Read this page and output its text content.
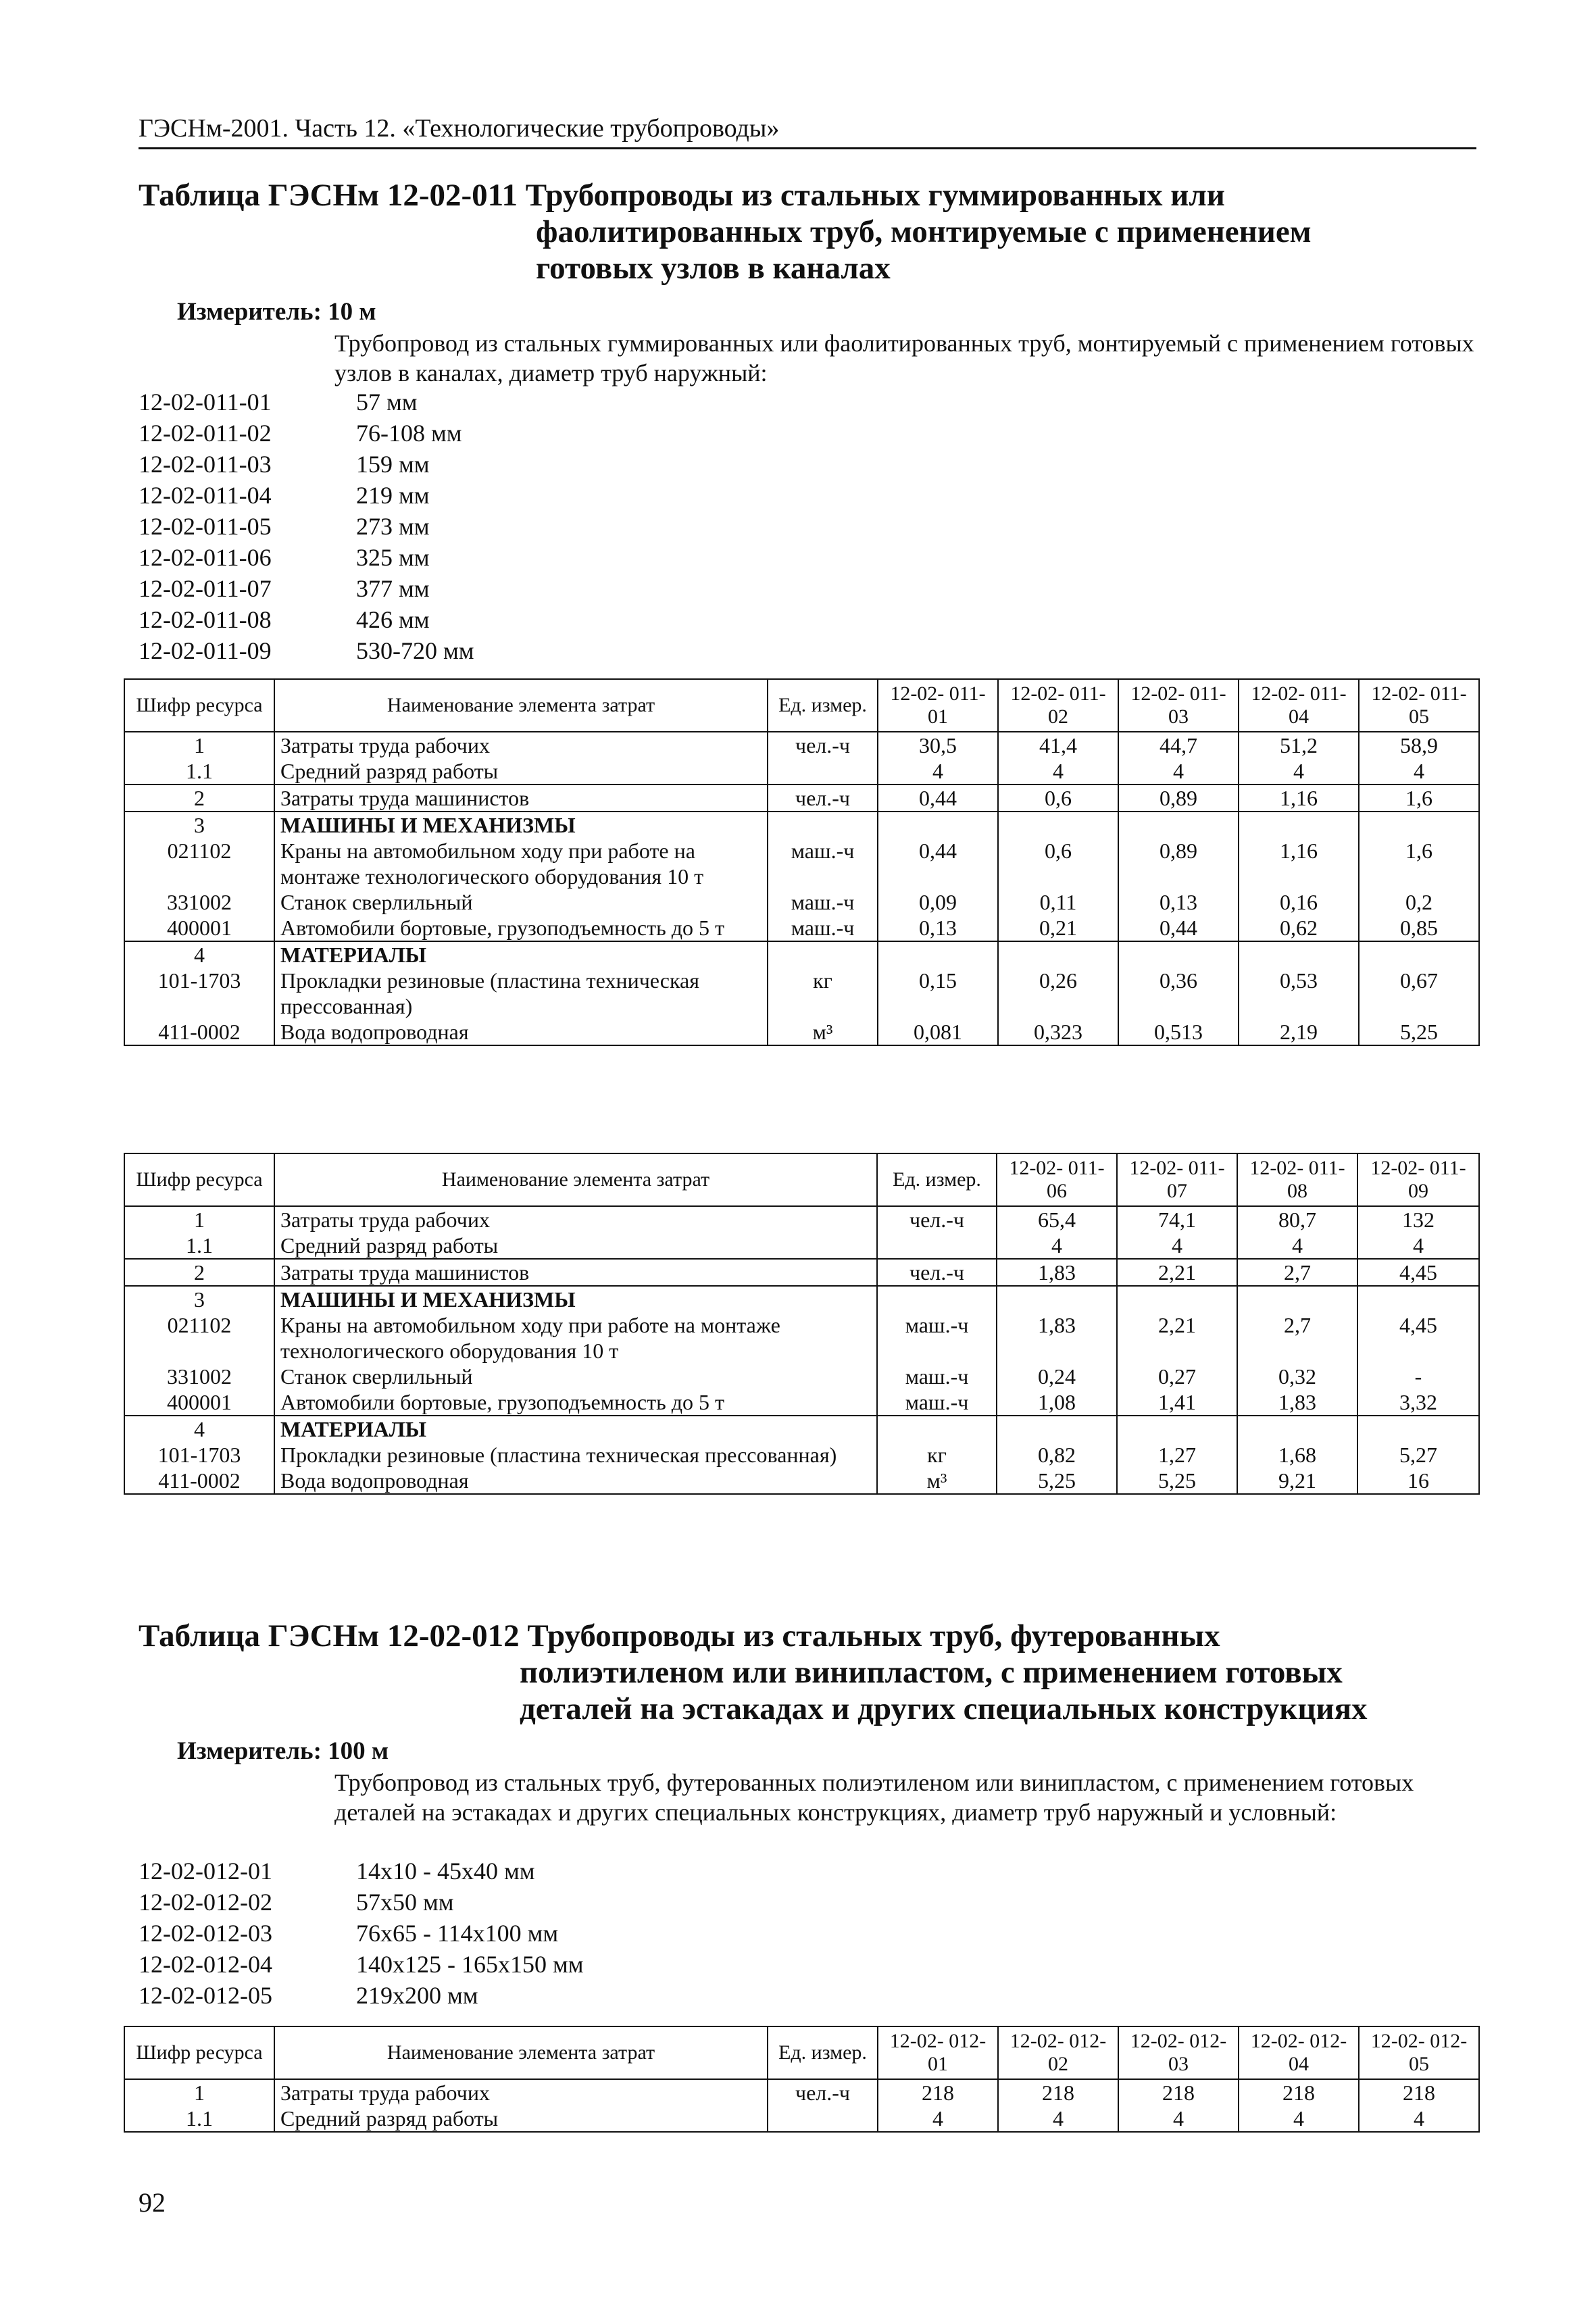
ГЭСНм-2001. Часть 12. «Технологические трубопроводы»
Таблица ГЭСНм 12-02-011 Трубопроводы из стальных гуммированных или
фаолитированных труб, монтируемые с применением
готовых узлов в каналах
Измеритель: 10 м
Трубопровод из стальных гуммированных или фаолитированных труб, монтируемый с применением готовых узлов в каналах, диаметр труб наружный:
12-02-011-01	57 мм
12-02-011-02	76-108 мм
12-02-011-03	159 мм
12-02-011-04	219 мм
12-02-011-05	273 мм
12-02-011-06	325 мм
12-02-011-07	377 мм
12-02-011-08	426 мм
12-02-011-09	530-720 мм
Шифр ресурса	Наименование элемента затрат	Ед. измер.	12-02- 011-01	12-02- 011-02	12-02- 011-03	12-02- 011-04	12-02- 011-05
1	Затраты труда рабочих	чел.-ч	30,5	41,4	44,7	51,2	58,9
1.1	Средний разряд работы		4	4	4	4	4
2	Затраты труда машинистов	чел.-ч	0,44	0,6	0,89	1,16	1,6
3	МАШИНЫ И МЕХАНИЗМЫ						
021102	Краны на автомобильном ходу при работе на монтаже технологического оборудования 10 т	маш.-ч	0,44	0,6	0,89	1,16	1,6
331002	Станок сверлильный	маш.-ч	0,09	0,11	0,13	0,16	0,2
400001	Автомобили бортовые, грузоподъемность до 5 т	маш.-ч	0,13	0,21	0,44	0,62	0,85
4	МАТЕРИАЛЫ						
101-1703	Прокладки резиновые (пластина техническая прессованная)	кг	0,15	0,26	0,36	0,53	0,67
411-0002	Вода водопроводная	м³	0,081	0,323	0,513	2,19	5,25
Шифр ресурса	Наименование элемента затрат	Ед. измер.	12-02- 011-06	12-02- 011-07	12-02- 011-08	12-02- 011-09
1	Затраты труда рабочих	чел.-ч	65,4	74,1	80,7	132
1.1	Средний разряд работы		4	4	4	4
2	Затраты труда машинистов	чел.-ч	1,83	2,21	2,7	4,45
3	МАШИНЫ И МЕХАНИЗМЫ					
021102	Краны на автомобильном ходу при работе на монтаже технологического оборудования 10 т	маш.-ч	1,83	2,21	2,7	4,45
331002	Станок сверлильный	маш.-ч	0,24	0,27	0,32	-
400001	Автомобили бортовые, грузоподъемность до 5 т	маш.-ч	1,08	1,41	1,83	3,32
4	МАТЕРИАЛЫ					
101-1703	Прокладки резиновые (пластина техническая прессованная)	кг	0,82	1,27	1,68	5,27
411-0002	Вода водопроводная	м³	5,25	5,25	9,21	16
Таблица ГЭСНм 12-02-012 Трубопроводы из стальных труб, футерованных
полиэтиленом или винипластом, с применением готовых
деталей на эстакадах и других специальных конструкциях
Измеритель: 100 м
Трубопровод из стальных труб, футерованных полиэтиленом или винипластом, с применением готовых деталей на эстакадах и других специальных конструкциях, диаметр труб наружный и условный:
12-02-012-01	14x10 - 45x40 мм
12-02-012-02	57x50 мм
12-02-012-03	76x65 - 114x100 мм
12-02-012-04	140x125 - 165x150 мм
12-02-012-05	219x200 мм
Шифр ресурса	Наименование элемента затрат	Ед. измер.	12-02- 012-01	12-02- 012-02	12-02- 012-03	12-02- 012-04	12-02- 012-05
1	Затраты труда рабочих	чел.-ч	218	218	218	218	218
1.1	Средний разряд работы		4	4	4	4	4
92
